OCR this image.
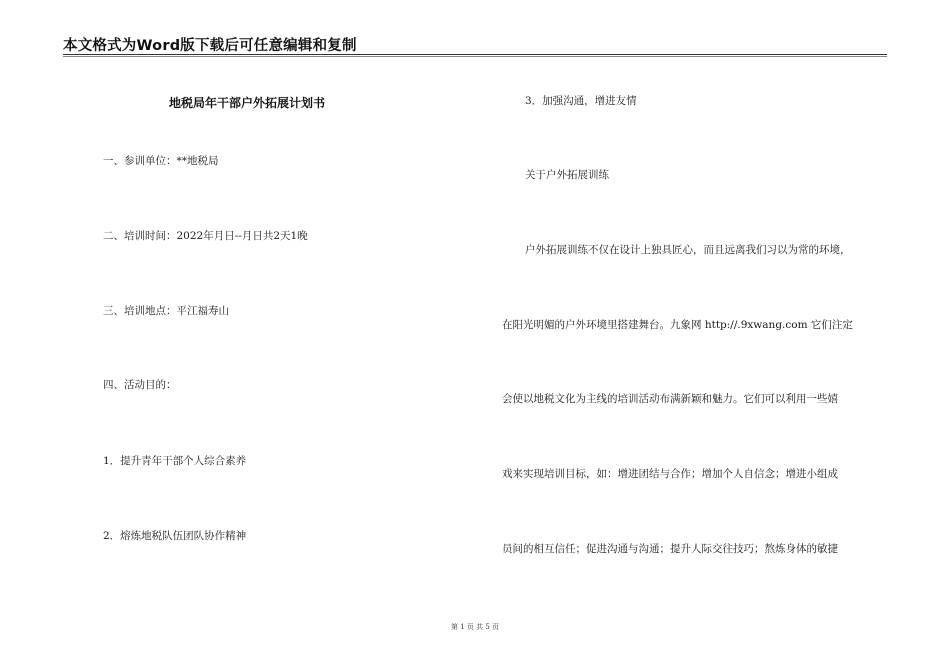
本文格式为Word版下载后可任意编辑和复制
地税局年干部户外拓展计划书
一、参训单位：**地税局
二、培训时间：2022年月日--月日共2天1晚
三、培训地点：平江福寿山
四、活动目的：
1．提升青年干部个人综合素养
2．熔炼地税队伍团队协作精神
3．加强沟通，增进友情
关于户外拓展训练
户外拓展训练不仅在设计上独具匠心，而且远离我们习以为常的环境，
在阳光明媚的户外环境里搭建舞台。九象网 http://.9xwang.com 它们注定
会使以地税文化为主线的培训活动布满新颖和魅力。它们可以利用一些嬉
戏来实现培训目标，如：增进团结与合作；增加个人自信念；增进小组成
员间的相互信任；促进沟通与沟通；提升人际交往技巧；熬炼身体的敏捷
第 1 页 共 5 页
